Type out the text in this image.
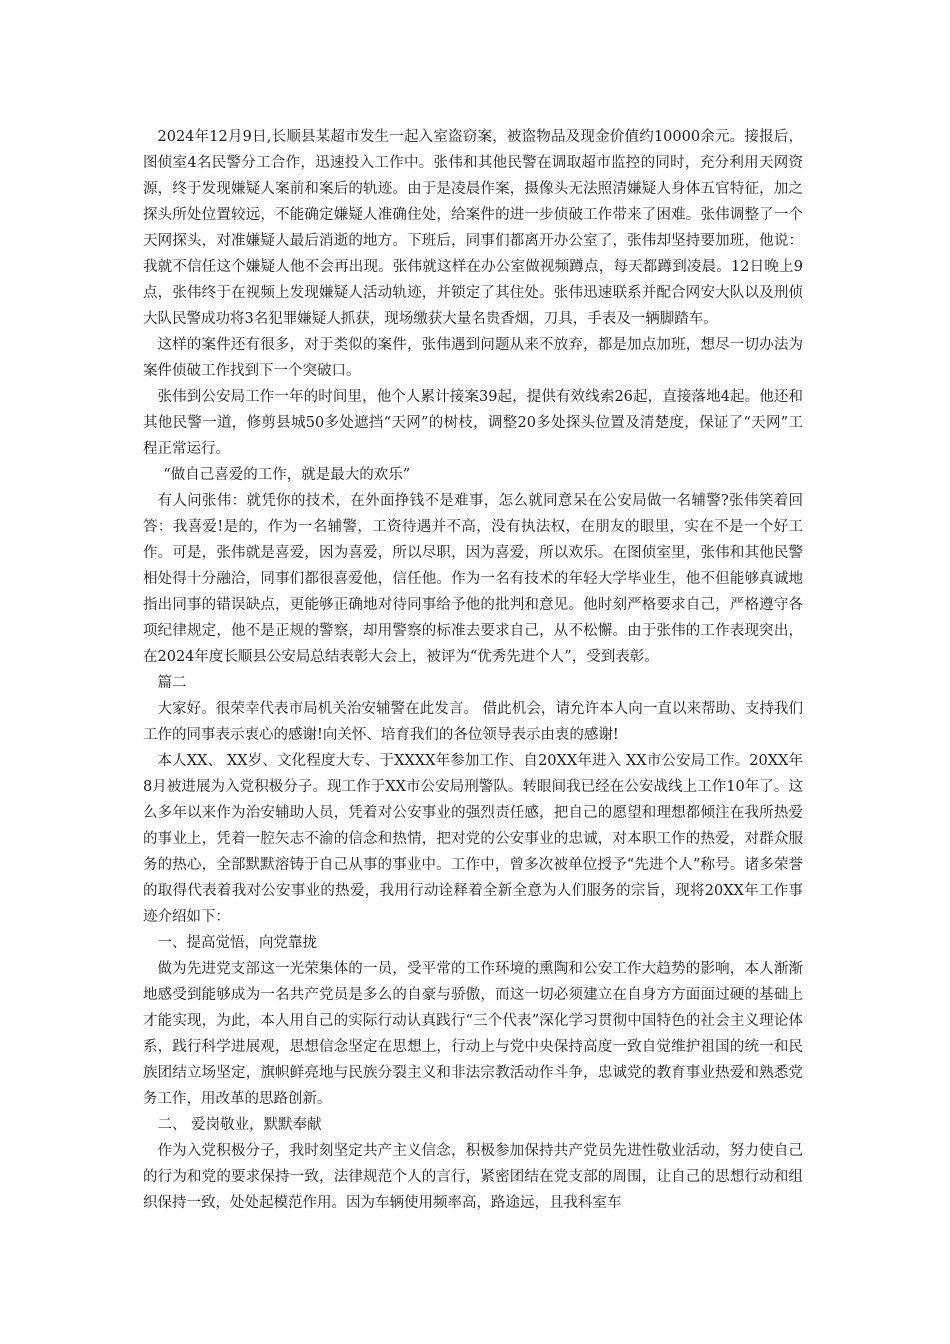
2024年12月9日,长顺县某超市发生一起入室盗窃案，被盗物品及现金价值约10000余元。接报后，图侦室4名民警分工合作，迅速投入工作中。张伟和其他民警在调取超市监控的同时，充分利用天网资源，终于发现嫌疑人案前和案后的轨迹。由于是凌晨作案，摄像头无法照清嫌疑人身体五官特征，加之探头所处位置较远，不能确定嫌疑人准确住处，给案件的进一步侦破工作带来了困难。张伟调整了一个天网探头，对准嫌疑人最后消逝的地方。下班后，同事们都离开办公室了，张伟却坚持要加班，他说：我就不信任这个嫌疑人他不会再出现。张伟就这样在办公室做视频蹲点，每天都蹲到凌晨。12日晚上9点，张伟终于在视频上发现嫌疑人活动轨迹，并锁定了其住处。张伟迅速联系并配合网安大队以及刑侦大队民警成功将3名犯罪嫌疑人抓获，现场缴获大量名贵香烟，刀具，手表及一辆脚踏车。

这样的案件还有很多，对于类似的案件，张伟遇到问题从来不放弃，都是加点加班，想尽一切办法为案件侦破工作找到下一个突破口。

张伟到公安局工作一年的时间里，他个人累计接案39起，提供有效线索26起，直接落地4起。他还和其他民警一道，修剪县城50多处遮挡“天网”的树枝，调整20多处探头位置及清楚度，保证了“天网”工程正常运行。

“做自己喜爱的工作，就是最大的欢乐”

有人问张伟：就凭你的技术，在外面挣钱不是难事，怎么就同意呆在公安局做一名辅警?张伟笑着回答：我喜爱!是的，作为一名辅警，工资待遇并不高，没有执法权，在朋友的眼里，实在不是一个好工作。可是，张伟就是喜爱，因为喜爱，所以尽职，因为喜爱，所以欢乐。在图侦室里，张伟和其他民警相处得十分融洽，同事们都很喜爱他，信任他。作为一名有技术的年轻大学毕业生，他不但能够真诚地指出同事的错误缺点，更能够正确地对待同事给予他的批判和意见。他时刻严格要求自己，严格遵守各项纪律规定，他不是正规的警察，却用警察的标准去要求自己，从不松懈。由于张伟的工作表现突出，在2024年度长顺县公安局总结表彰大会上，被评为“优秀先进个人”，受到表彰。

篇二

大家好。很荣幸代表市局机关治安辅警在此发言。 借此机会，请允许本人向一直以来帮助、支持我们工作的同事表示衷心的感谢!向关怀、培育我们的各位领导表示由衷的感谢!

本人XX、 XX岁、文化程度大专、于XXXX年参加工作、自20XX年进入 XX市公安局工作。20XX年8月被进展为入党积极分子。现工作于XX市公安局刑警队。转眼间我已经在公安战线上工作10年了。这么多年以来作为治安辅助人员，凭着对公安事业的强烈责任感，把自己的愿望和理想都倾注在我所热爱的事业上，凭着一腔矢志不渝的信念和热情，把对党的公安事业的忠诚，对本职工作的热爱，对群众服务的热心，全部默默溶铸于自己从事的事业中。工作中，曾多次被单位授予“先进个人”称号。诸多荣誉的取得代表着我对公安事业的热爱，我用行动诠释着全新全意为人们服务的宗旨，现将20XX年工作事迹介绍如下：

一、提高觉悟，向党靠拢

做为先进党支部这一光荣集体的一员，受平常的工作环境的熏陶和公安工作大趋势的影响，本人渐渐地感受到能够成为一名共产党员是多么的自豪与骄傲，而这一切必须建立在自身方方面面过硬的基础上才能实现，为此，本人用自己的实际行动认真践行“三个代表”深化学习贯彻中国特色的社会主义理论体系，践行科学进展观，思想信念坚定在思想上，行动上与党中央保持高度一致自觉维护祖国的统一和民族团结立场坚定，旗帜鲜亮地与民族分裂主义和非法宗教活动作斗争，忠诚党的教育事业热爱和熟悉党务工作，用改革的思路创新。

二、 爱岗敬业，默默奉献

作为入党积极分子，我时刻坚定共产主义信念，积极参加保持共产党员先进性敬业活动，努力使自己的行为和党的要求保持一致，法律规范个人的言行，紧密团结在党支部的周围，让自己的思想行动和组织保持一致，处处起模范作用。因为车辆使用频率高，路途远，且我科室车
